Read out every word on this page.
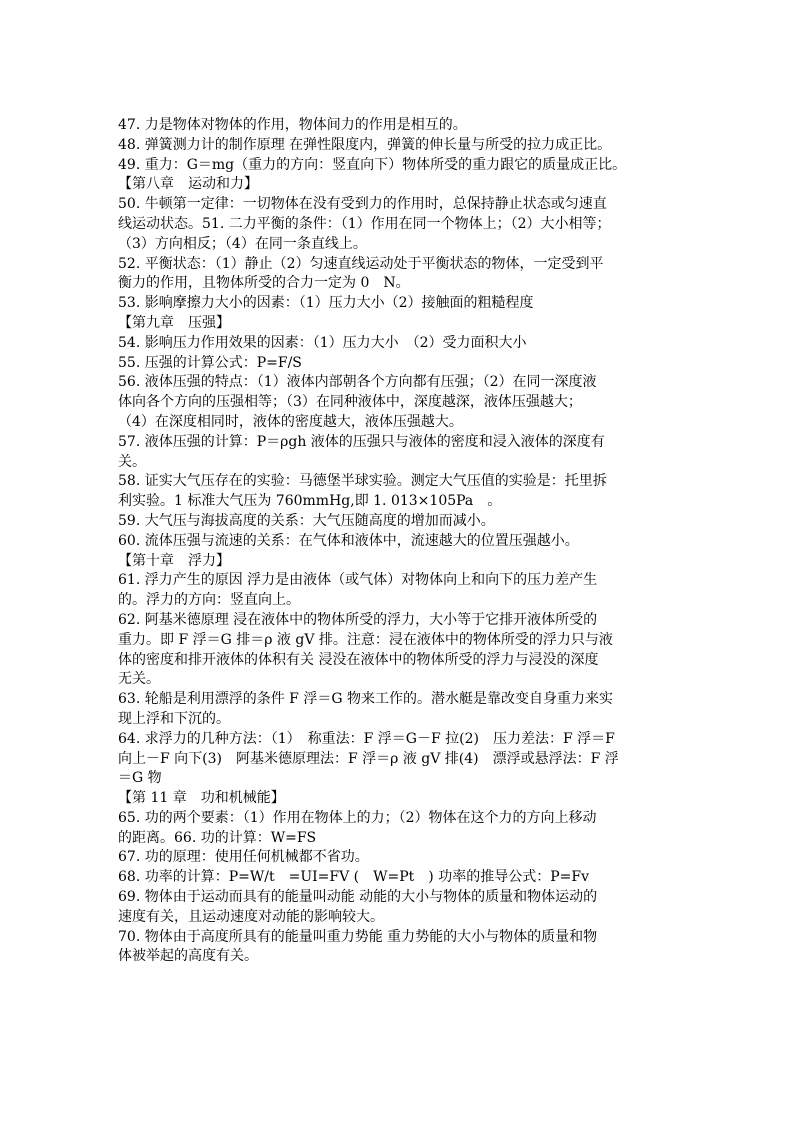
47. 力是物体对物体的作用，物体间力的作用是相互的。
48. 弹簧测力计的制作原理 在弹性限度内，弹簧的伸长量与所受的拉力成正比。
49. 重力：G＝mg（重力的方向：竖直向下）物体所受的重力跟它的质量成正比。
【第八章　运动和力】
50. 牛顿第一定律：一切物体在没有受到力的作用时，总保持静止状态或匀速直
线运动状态。51. 二力平衡的条件：（1）作用在同一个物体上；（2）大小相等；
（3）方向相反；（4）在同一条直线上。
52. 平衡状态：（1）静止（2）匀速直线运动处于平衡状态的物体，一定受到平
衡力的作用，且物体所受的合力一定为 0　N。
53. 影响摩擦力大小的因素：（1）压力大小（2）接触面的粗糙程度
【第九章　压强】
54. 影响压力作用效果的因素：（1）压力大小　（2）受力面积大小
55. 压强的计算公式：P=F/S
56. 液体压强的特点：（1）液体内部朝各个方向都有压强；（2）在同一深度液
体向各个方向的压强相等；（3）在同种液体中，深度越深，液体压强越大；
（4）在深度相同时，液体的密度越大，液体压强越大。
57. 液体压强的计算：P＝ρgh 液体的压强只与液体的密度和浸入液体的深度有
关。
58. 证实大气压存在的实验：马德堡半球实验。测定大气压值的实验是：托里拆
利实验。1 标准大气压为 760mmHg,即 1. 013×105Pa　。
59. 大气压与海拔高度的关系：大气压随高度的增加而减小。
60. 流体压强与流速的关系：在气体和液体中，流速越大的位置压强越小。
【第十章　浮力】
61. 浮力产生的原因 浮力是由液体（或气体）对物体向上和向下的压力差产生
的。浮力的方向：竖直向上。
62. 阿基米德原理 浸在液体中的物体所受的浮力，大小等于它排开液体所受的
重力。即 F 浮＝G 排＝ρ 液 gV 排。注意：浸在液体中的物体所受的浮力只与液
体的密度和排开液体的体积有关 浸没在液体中的物体所受的浮力与浸没的深度
无关。
63. 轮船是利用漂浮的条件 F 浮＝G 物来工作的。潜水艇是靠改变自身重力来实
现上浮和下沉的。
64. 求浮力的几种方法：（1）　称重法：F 浮＝G－F 拉(2)　压力差法：F 浮＝F
向上－F 向下(3)　阿基米德原理法：F 浮＝ρ 液 gV 排(4)　漂浮或悬浮法：F 浮
＝G 物
【第 11 章　功和机械能】
65. 功的两个要素：（1）作用在物体上的力；（2）物体在这个力的方向上移动
的距离。66. 功的计算：W=FS
67. 功的原理：使用任何机械都不省功。
68. 功率的计算：P=W/t　=UI=FV (　W=Pt　) 功率的推导公式：P=Fv
69. 物体由于运动而具有的能量叫动能 动能的大小与物体的质量和物体运动的
速度有关，且运动速度对动能的影响较大。
70. 物体由于高度所具有的能量叫重力势能 重力势能的大小与物体的质量和物
体被举起的高度有关。
